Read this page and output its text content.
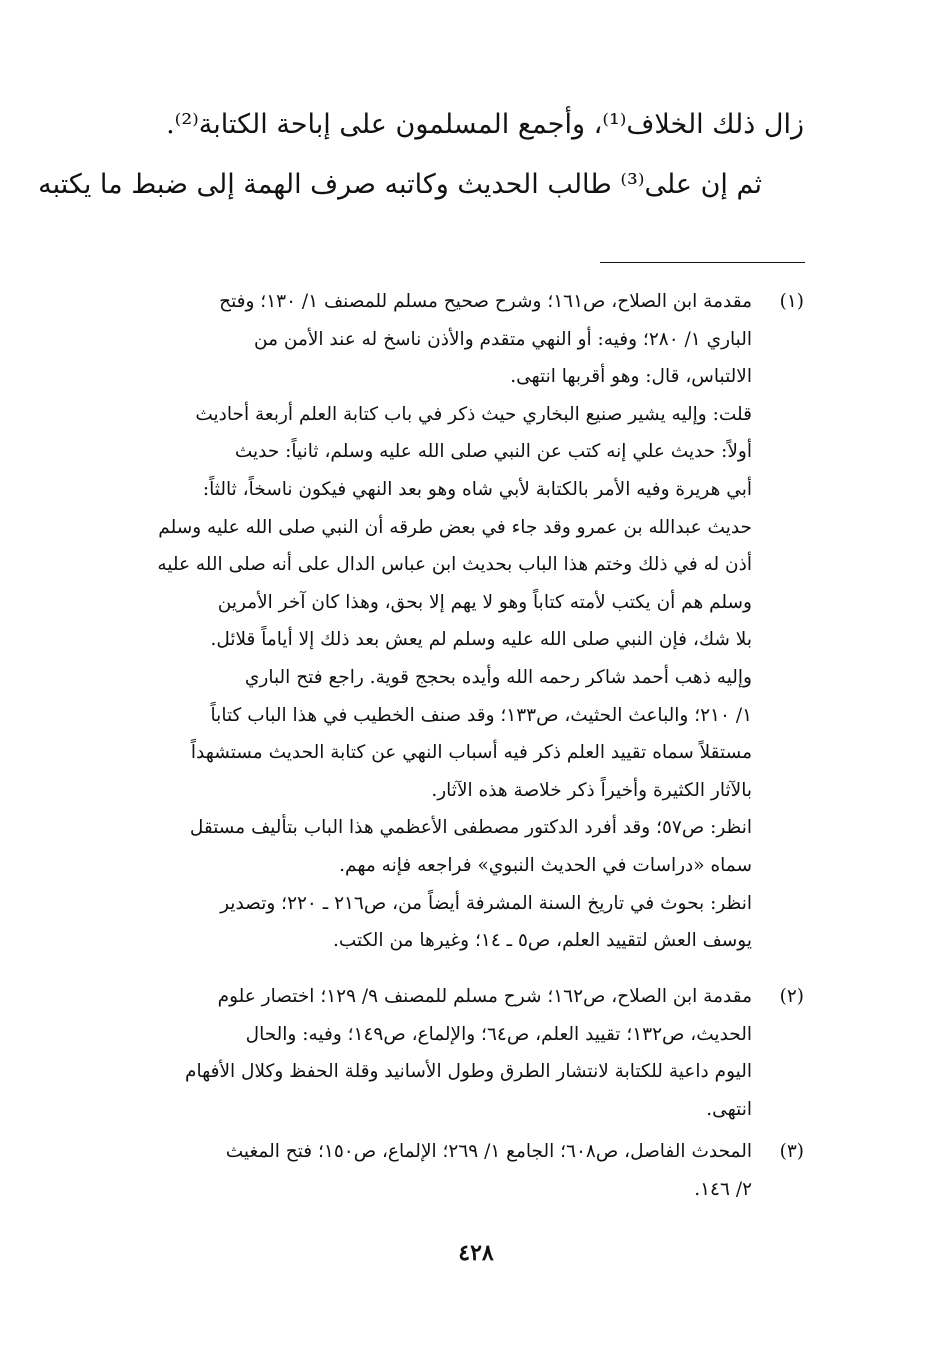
زال ذلك الخلاف⁽¹⁾، وأجمع المسلمون على إباحة الكتابة⁽²⁾.
ثم إن على⁽³⁾ طالب الحديث وكاتبه صرف الهمة إلى ضبط ما يكتبه
(١)
مقدمة ابن الصلاح، ص١٦١؛ وشرح صحيح مسلم للمصنف ١/ ١٣٠؛ وفتح
الباري ١/ ٢٨٠؛ وفيه: أو النهي متقدم والأذن ناسخ له عند الأمن من
الالتباس، قال: وهو أقربها انتهى.
قلت: وإليه يشير صنيع البخاري حيث ذكر في باب كتابة العلم أربعة أحاديث
أولاً: حديث علي إنه كتب عن النبي صلى الله عليه وسلم، ثانياً: حديث
أبي هريرة وفيه الأمر بالكتابة لأبي شاه وهو بعد النهي فيكون ناسخاً، ثالثاً:
حديث عبدالله بن عمرو وقد جاء في بعض طرقه أن النبي صلى الله عليه وسلم
أذن له في ذلك وختم هذا الباب بحديث ابن عباس الدال على أنه صلى الله عليه
وسلم هم أن يكتب لأمته كتاباً وهو لا يهم إلا بحق، وهذا كان آخر الأمرين
بلا شك، فإن النبي صلى الله عليه وسلم لم يعش بعد ذلك إلا أياماً قلائل.
وإليه ذهب أحمد شاكر رحمه الله وأيده بحجج قوية. راجع فتح الباري
١/ ٢١٠؛ والباعث الحثيث، ص١٣٣؛ وقد صنف الخطيب في هذا الباب كتاباً
مستقلاً سماه تقييد العلم ذكر فيه أسباب النهي عن كتابة الحديث مستشهداً
بالآثار الكثيرة وأخيراً ذكر خلاصة هذه الآثار.
انظر: ص٥٧؛ وقد أفرد الدكتور مصطفى الأعظمي هذا الباب بتأليف مستقل
سماه «دراسات في الحديث النبوي» فراجعه فإنه مهم.
انظر: بحوث في تاريخ السنة المشرفة أيضاً من، ص٢١٦ ـ ٢٢٠؛ وتصدير
يوسف العش لتقييد العلم، ص٥ ـ ١٤؛ وغيرها من الكتب.
(٢)
مقدمة ابن الصلاح، ص١٦٢؛ شرح مسلم للمصنف ٩/ ١٢٩؛ اختصار علوم
الحديث، ص١٣٢؛ تقييد العلم، ص٦٤؛ والإلماع، ص١٤٩؛ وفيه: والحال
اليوم داعية للكتابة لانتشار الطرق وطول الأسانيد وقلة الحفظ وكلال الأفهام
انتهى.
(٣)
المحدث الفاصل، ص٦٠٨؛ الجامع ١/ ٢٦٩؛ الإلماع، ص١٥٠؛ فتح المغيث
٢/ ١٤٦.
٤٢٨
